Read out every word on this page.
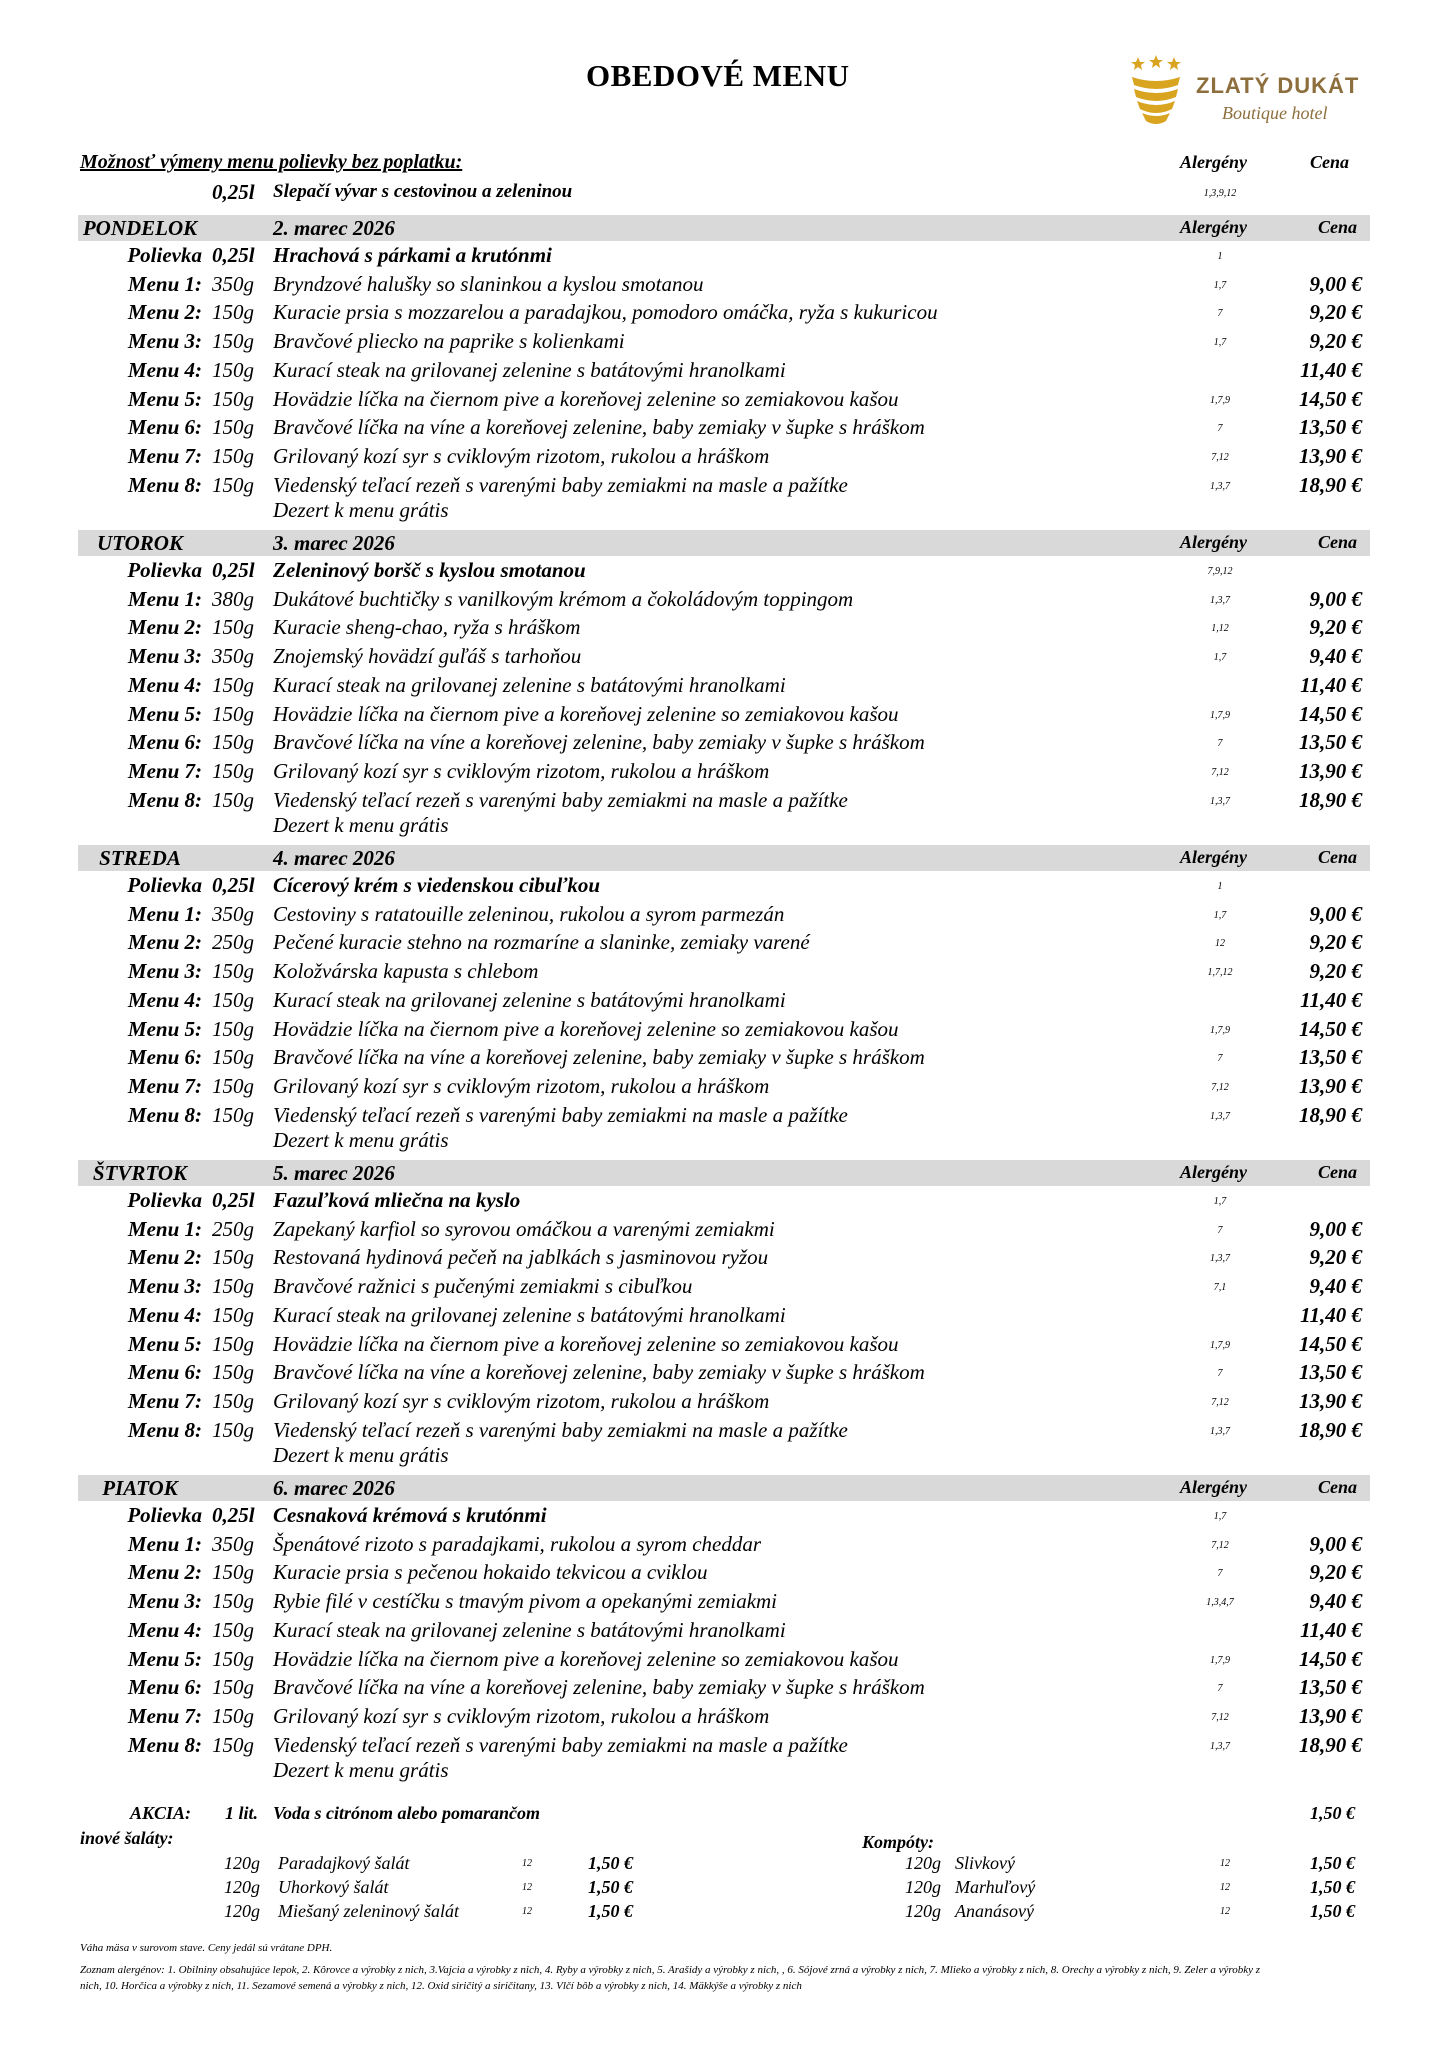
OBEDOVÉ MENU	ZLATÝ DUKÁT
Boutique hotel
Možnosť výmeny menu polievky bez poplatku:	Alergény	Cena
0,25l Slepačí vývar s cestovinou a zeleninou	1,3,9,12
PONDELOK	2. marec 2026	Alergény	Cena
Polievka 0,25l Hrachová s párkami a krutónmi	1
Menu 1: 350g Bryndzové halušky so slaninkou a kyslou smotanou	1,7	9,00 €
Menu 2: 150g Kuracie prsia s mozzarelou a paradajkou, pomodoro omáčka, ryža s kukuricou	7	9,20 €
Menu 3: 150g Bravčové pliecko na paprike s kolienkami	1,7	9,20 €
Menu 4: 150g Kurací steak na grilovanej zelenine s batátovými hranolkami	11,40 €
Menu 5: 150g Hovädzie líčka na čiernom pive a koreňovej zelenine so zemiakovou kašou	1,7,9	14,50 €
Menu 6: 150g Bravčové líčka na víne a koreňovej zelenine, baby zemiaky v šupke s hráškom	7	13,50 €
Menu 7: 150g Grilovaný kozí syr s cviklovým rizotom, rukolou a hráškom	7,12	13,90 €
Menu 8: 150g Viedenský teľací rezeň s varenými baby zemiakmi na masle a pažítke	1,3,7	18,90 €
Dezert k menu grátis
UTOROK	3. marec 2026	Alergény	Cena
Polievka 0,25l Zeleninový boršč s kyslou smotanou	7,9,12
Menu 1: 380g Dukátové buchtičky s vanilkovým krémom a čokoládovým toppingom	1,3,7	9,00 €
Menu 2: 150g Kuracie sheng-chao, ryža s hráškom	1,12	9,20 €
Menu 3: 350g Znojemský hovädzí guľáš s tarhoňou	1,7	9,40 €
Menu 4: 150g Kurací steak na grilovanej zelenine s batátovými hranolkami	11,40 €
Menu 5: 150g Hovädzie líčka na čiernom pive a koreňovej zelenine so zemiakovou kašou	1,7,9	14,50 €
Menu 6: 150g Bravčové líčka na víne a koreňovej zelenine, baby zemiaky v šupke s hráškom	7	13,50 €
Menu 7: 150g Grilovaný kozí syr s cviklovým rizotom, rukolou a hráškom	7,12	13,90 €
Menu 8: 150g Viedenský teľací rezeň s varenými baby zemiakmi na masle a pažítke	1,3,7	18,90 €
Dezert k menu grátis
STREDA	4. marec 2026	Alergény	Cena
Polievka 0,25l Cícerový krém s viedenskou cibuľkou	1
Menu 1: 350g Cestoviny s ratatouille zeleninou, rukolou a syrom parmezán	1,7	9,00 €
Menu 2: 250g Pečené kuracie stehno na rozmaríne a slaninke, zemiaky varené	12	9,20 €
Menu 3: 150g Koložvárska kapusta s chlebom	1,7,12	9,20 €
Menu 4: 150g Kurací steak na grilovanej zelenine s batátovými hranolkami	11,40 €
Menu 5: 150g Hovädzie líčka na čiernom pive a koreňovej zelenine so zemiakovou kašou	1,7,9	14,50 €
Menu 6: 150g Bravčové líčka na víne a koreňovej zelenine, baby zemiaky v šupke s hráškom	7	13,50 €
Menu 7: 150g Grilovaný kozí syr s cviklovým rizotom, rukolou a hráškom	7,12	13,90 €
Menu 8: 150g Viedenský teľací rezeň s varenými baby zemiakmi na masle a pažítke	1,3,7	18,90 €
Dezert k menu grátis
ŠTVRTOK	5. marec 2026	Alergény	Cena
Polievka 0,25l Fazuľková mliečna na kyslo	1,7
Menu 1: 250g Zapekaný karfiol so syrovou omáčkou a varenými zemiakmi	7	9,00 €
Menu 2: 150g Restovaná hydinová pečeň na jablkách s jasminovou ryžou	1,3,7	9,20 €
Menu 3: 150g Bravčové ražnici s pučenými zemiakmi s cibuľkou	7,1	9,40 €
Menu 4: 150g Kurací steak na grilovanej zelenine s batátovými hranolkami	11,40 €
Menu 5: 150g Hovädzie líčka na čiernom pive a koreňovej zelenine so zemiakovou kašou	1,7,9	14,50 €
Menu 6: 150g Bravčové líčka na víne a koreňovej zelenine, baby zemiaky v šupke s hráškom	7	13,50 €
Menu 7: 150g Grilovaný kozí syr s cviklovým rizotom, rukolou a hráškom	7,12	13,90 €
Menu 8: 150g Viedenský teľací rezeň s varenými baby zemiakmi na masle a pažítke	1,3,7	18,90 €
Dezert k menu grátis
PIATOK	6. marec 2026	Alergény	Cena
Polievka 0,25l Cesnaková krémová s krutónmi	1,7
Menu 1: 350g Špenátové rizoto s paradajkami, rukolou a syrom cheddar	7,12	9,00 €
Menu 2: 150g Kuracie prsia s pečenou hokaido tekvicou a cviklou	7	9,20 €
Menu 3: 150g Rybie filé v cestíčku s tmavým pivom a opekanými zemiakmi	1,3,4,7	9,40 €
Menu 4: 150g Kurací steak na grilovanej zelenine s batátovými hranolkami	11,40 €
Menu 5: 150g Hovädzie líčka na čiernom pive a koreňovej zelenine so zemiakovou kašou	1,7,9	14,50 €
Menu 6: 150g Bravčové líčka na víne a koreňovej zelenine, baby zemiaky v šupke s hráškom	7	13,50 €
Menu 7: 150g Grilovaný kozí syr s cviklovým rizotom, rukolou a hráškom	7,12	13,90 €
Menu 8: 150g Viedenský teľací rezeň s varenými baby zemiakmi na masle a pažítke	1,3,7	18,90 €
Dezert k menu grátis
AKCIA: 1 lit. Voda s citrónom alebo pomarančom	1,50 €
inové šaláty:	Kompóty:
120g Paradajkový šalát	12	1,50 €
120g Uhorkový šalát	12	1,50 €
120g Miešaný zeleninový šalát	12	1,50 €
120g Slivkový	12	1,50 €
120g Marhuľový	12	1,50 €
120g Ananásový	12	1,50 €
Váha mäsa v surovom stave. Ceny jedál sú vrátane DPH.
Zoznam alergénov: 1. Obilniny obsahujúce lepok, 2. Kôrovce a výrobky z nich, 3.Vajcia a výrobky z nich, 4. Ryby a výrobky z nich, 5. Arašidy a výrobky z nich, , 6. Sójové zrná a výrobky z nich, 7. Mlieko a výrobky z nich, 8. Orechy a výrobky z nich, 9. Zeler a výrobky z nich, 10. Horčica a výrobky z nich, 11. Sezamové semená a výrobky z nich, 12. Oxid siričitý a siričitany, 13. Vlčí bôb a výrobky z nich, 14. Mäkkýše a výrobky z nich
